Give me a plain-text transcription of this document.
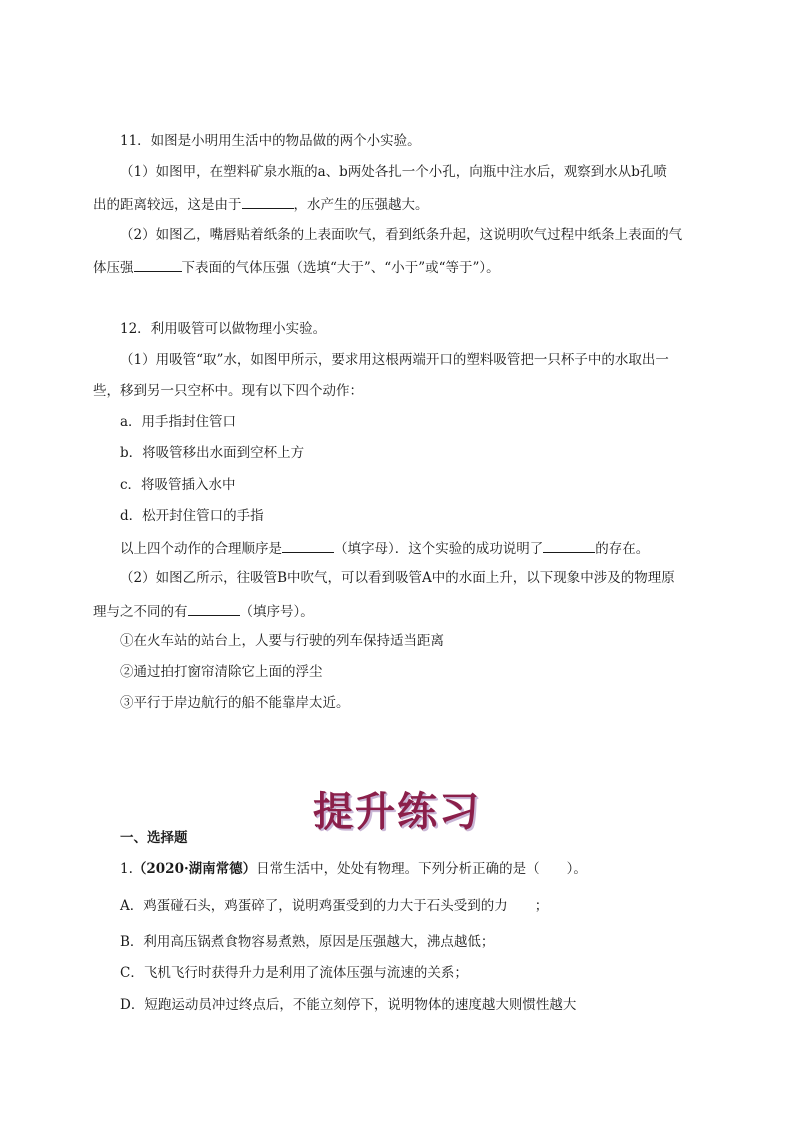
11．如图是小明用生活中的物品做的两个小实验。
（1）如图甲，在塑料矿泉水瓶的a、b两处各扎一个小孔，向瓶中注水后，观察到水从b孔喷
出的距离较远，这是由于	，水产生的压强越大。
（2）如图乙，嘴唇贴着纸条的上表面吹气，看到纸条升起，这说明吹气过程中纸条上表面的气
体压强	下表面的气体压强（选填“大于”、“小于”或“等于”）。
12．利用吸管可以做物理小实验。
（1）用吸管“取”水，如图甲所示，要求用这根两端开口的塑料吸管把一只杯子中的水取出一
些，移到另一只空杯中。现有以下四个动作：
a．用手指封住管口
b．将吸管移出水面到空杯上方
c．将吸管插入水中
d．松开封住管口的手指
以上四个动作的合理顺序是	（填字母）．这个实验的成功说明了	的存在。
（2）如图乙所示，往吸管B中吹气，可以看到吸管A中的水面上升，以下现象中涉及的物理原
理与之不同的有	（填序号）。
①在火车站的站台上，人要与行驶的列车保持适当距离
②通过拍打窗帘清除它上面的浮尘
③平行于岸边航行的船不能靠岸太近。
提升练习
一、选择题
1.（2020·湖南常德）日常生活中，处处有物理。下列分析正确的是（　　）。
A．鸡蛋碰石头，鸡蛋碎了，说明鸡蛋受到的力大于石头受到的力　　；
B．利用高压锅煮食物容易煮熟，原因是压强越大，沸点越低；
C．飞机飞行时获得升力是利用了流体压强与流速的关系；
D．短跑运动员冲过终点后，不能立刻停下，说明物体的速度越大则惯性越大
